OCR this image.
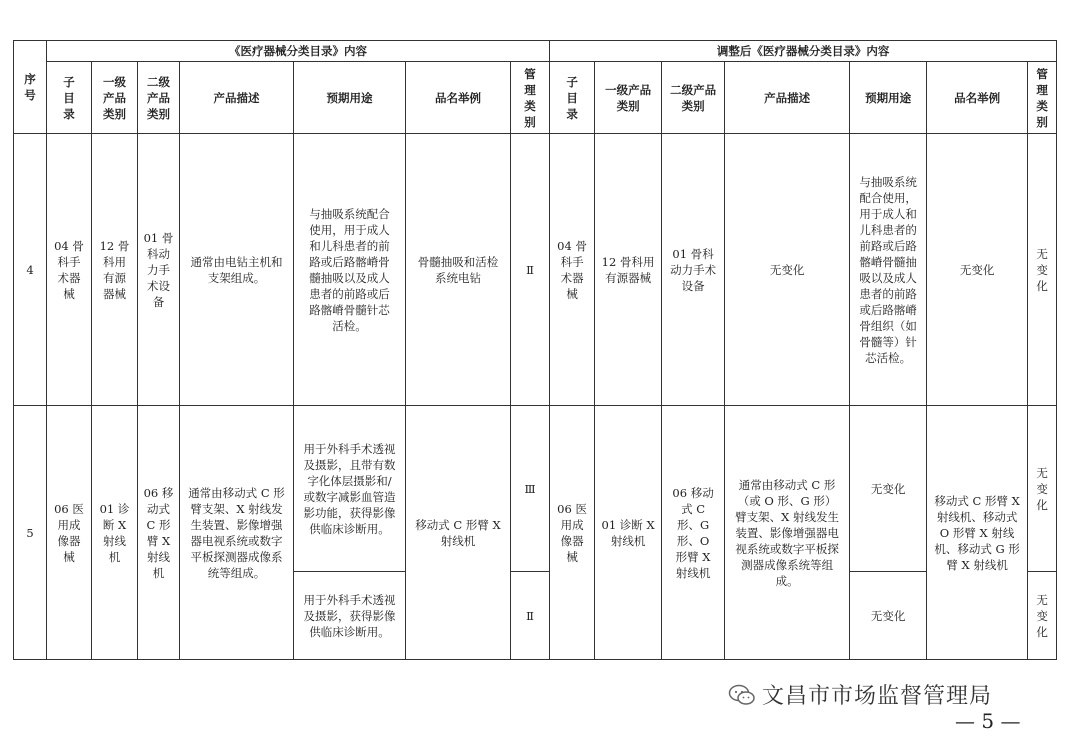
序号	《医疗器械分类目录》内容							调整后《医疗器械分类目录》内容						

	子目录	一级产品类别	二级产品类别	产品描述	预期用途	品名举例	管理类别	子目录	一级产品类别	二级产品类别	产品描述	预期用途	品名举例	管理类别

4	04 骨科手术器械	12 骨科用有源器械	01 骨科动力手术设备	通常由电钻主机和支架组成。	与抽吸系统配合使用，用于成人和儿科患者的前路或后路髂嵴骨髓抽吸以及成人患者的前路或后路髂嵴骨髓针芯活检。	骨髓抽吸和活检系统电钻	Ⅱ	04 骨科手术器械	12 骨科用有源器械	01 骨科动力手术设备	无变化	与抽吸系统配合使用，用于成人和儿科患者的前路或后路髂嵴骨髓抽吸以及成人患者的前路或后路髂嵴骨组织（如骨髓等）针芯活检。	无变化	无变化

5	06 医用成像器械	01 诊断 X 射线机	06 移动式 C 形臂 X 射线机	通常由移动式 C 形臂支架、X 射线发生装置、影像增强器电视系统或数字平板探测器成像系统等组成。	用于外科手术透视及摄影，且带有数字化体层摄影和/或数字减影血管造影功能，获得影像供临床诊断用。	移动式 C 形臂 X 射线机	Ⅲ	06 医用成像器械	01 诊断 X 射线机	06 移动式 C 形、G 形、O 形臂 X 射线机	通常由移动式 C 形（或 O 形、G 形）臂支架、X 射线发生装置、影像增强器电视系统或数字平板探测器成像系统等组成。	无变化	移动式 C 形臂 X 射线机、移动式 O 形臂 X 射线机、移动式 G 形臂 X 射线机	无变化

					用于外科手术透视及摄影，获得影像供临床诊断用。		Ⅱ					无变化		无变化
文昌市市场监督管理局
— 5 —
